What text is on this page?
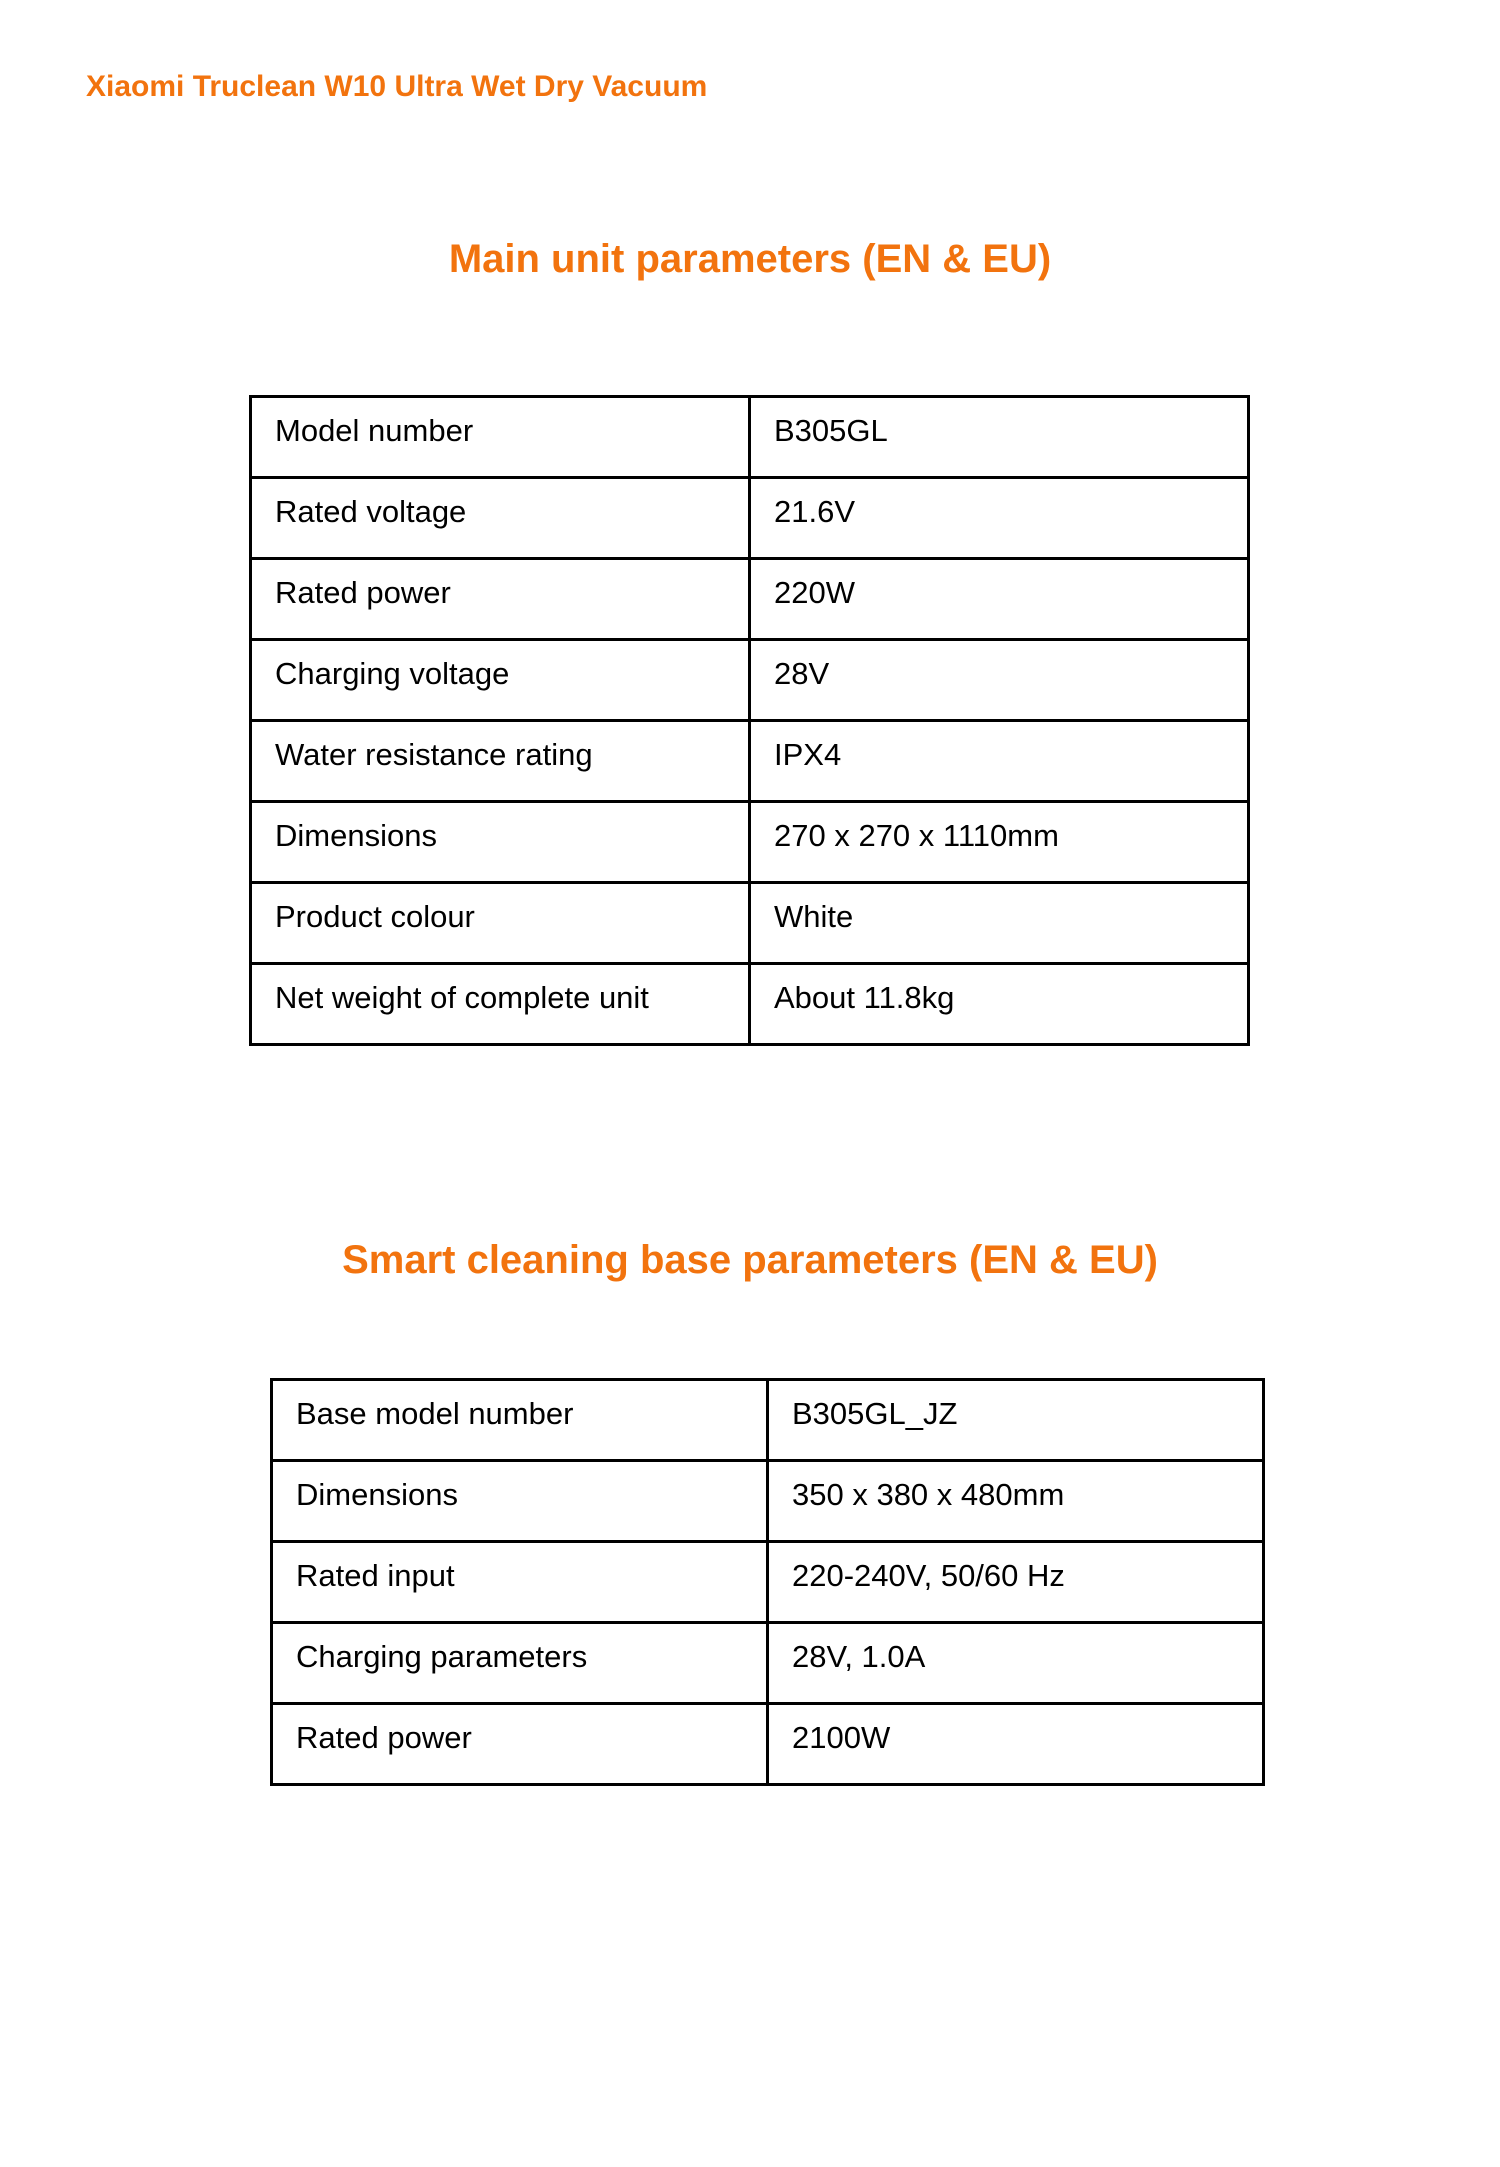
Xiaomi Truclean W10 Ultra Wet Dry Vacuum
Main unit parameters (EN & EU)
Model number	B305GL
Rated voltage	21.6V
Rated power	220W
Charging voltage	28V
Water resistance rating	IPX4
Dimensions	270 x 270 x 1110mm
Product colour	White
Net weight of complete unit	About 11.8kg
Smart cleaning base parameters (EN & EU)
Base model number	B305GL_JZ
Dimensions	350 x 380 x 480mm
Rated input	220-240V, 50/60 Hz
Charging parameters	28V, 1.0A
Rated power	2100W
